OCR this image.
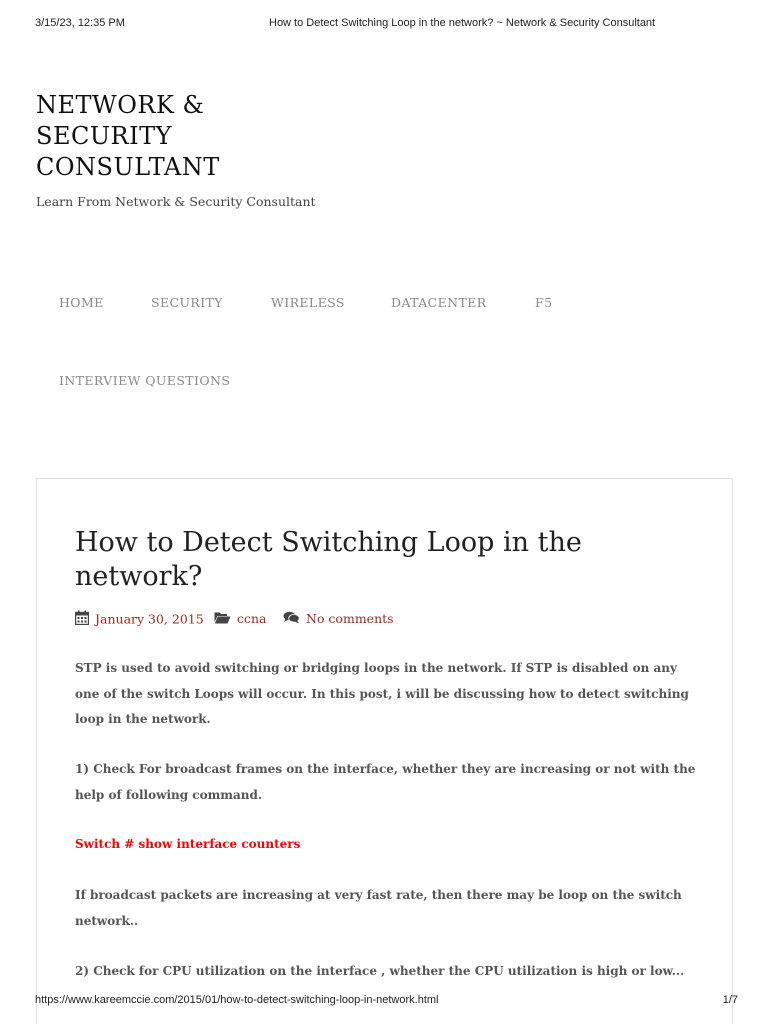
3/15/23, 12:35 PM	How to Detect Switching Loop in the network? ~ Network & Security Consultant
NETWORK &
SECURITY
CONSULTANT

Learn From Network & Security Consultant

HOME	SECURITY	WIRELESS	DATACENTER	F5
INTERVIEW QUESTIONS
How to Detect Switching Loop in the network?
January 30, 2015	ccna	No comments

STP is used to avoid switching or bridging loops in the network. If STP is disabled on any one of the switch Loops will occur. In this post, i will be discussing how to detect switching loop in the network.

1) Check For broadcast frames on the interface, whether they are increasing or not with the help of following command.

Switch # show interface counters

If broadcast packets are increasing at very fast rate, then there may be loop on the switch network..

2) Check for CPU utilization on the interface , whether the CPU utilization is high or low...

https://www.kareemccie.com/2015/01/how-to-detect-switching-loop-in-network.html	1/7
